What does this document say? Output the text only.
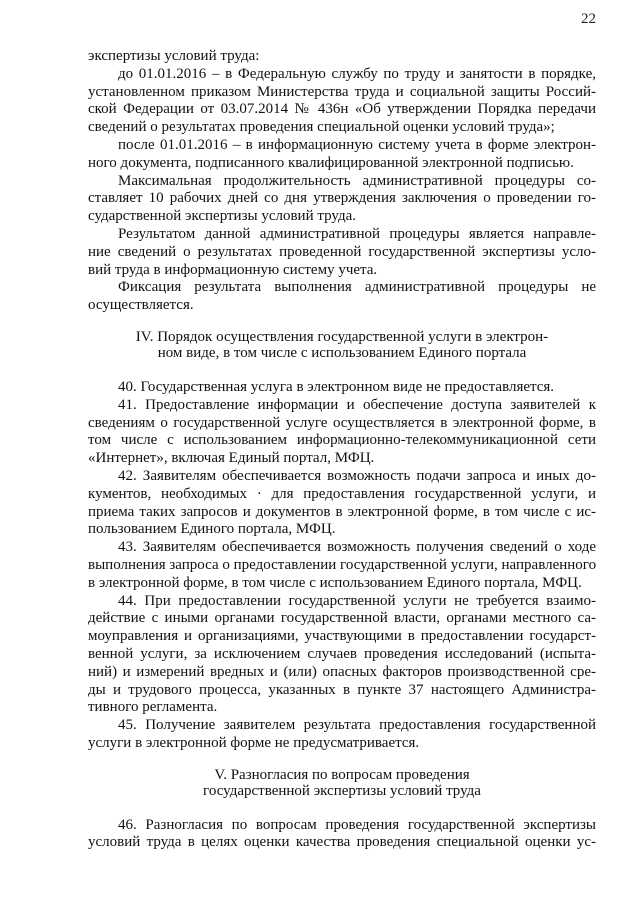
22
экспертизы условий труда:
до 01.01.2016 – в Федеральную службу по труду и занятости в порядке,
установленном приказом Министерства труда и социальной защиты Россий-
ской Федерации от 03.07.2014 № 436н «Об утверждении Порядка передачи
сведений о результатах проведения специальной оценки условий труда»;
после 01.01.2016 – в информационную систему учета в форме электрон-
ного документа, подписанного квалифицированной электронной подписью.
Максимальная продолжительность административной процедуры со-
ставляет 10 рабочих дней со дня утверждения заключения о проведении го-
сударственной экспертизы условий труда.
Результатом данной административной процедуры является направле-
ние сведений о результатах проведенной государственной экспертизы усло-
вий труда в информационную систему учета.
Фиксация результата выполнения административной процедуры не
осуществляется.
IV. Порядок осуществления государственной услуги в электрон-
ном виде, в том числе с использованием Единого портала
40. Государственная услуга в электронном виде не предоставляется.
41. Предоставление информации и обеспечение доступа заявителей к
сведениям о государственной услуге осуществляется в электронной форме, в
том числе с использованием информационно-телекоммуникационной сети
«Интернет», включая Единый портал, МФЦ.
42. Заявителям обеспечивается возможность подачи запроса и иных до-
кументов, необходимых · для предоставления государственной услуги, и
приема таких запросов и документов в электронной форме, в том числе с ис-
пользованием Единого портала, МФЦ.
43. Заявителям обеспечивается возможность получения сведений о ходе
выполнения запроса о предоставлении государственной услуги, направленного
в электронной форме, в том числе с использованием Единого портала, МФЦ.
44. При предоставлении государственной услуги не требуется взаимо-
действие с иными органами государственной власти, органами местного са-
моуправления и организациями, участвующими в предоставлении государст-
венной услуги, за исключением случаев проведения исследований (испыта-
ний) и измерений вредных и (или) опасных факторов производственной сре-
ды и трудового процесса, указанных в пункте 37 настоящего Администра-
тивного регламента.
45. Получение заявителем результата предоставления государственной
услуги в электронной форме не предусматривается.
V. Разногласия по вопросам проведения
государственной экспертизы условий труда
46. Разногласия по вопросам проведения государственной экспертизы
условий труда в целях оценки качества проведения специальной оценки ус-
